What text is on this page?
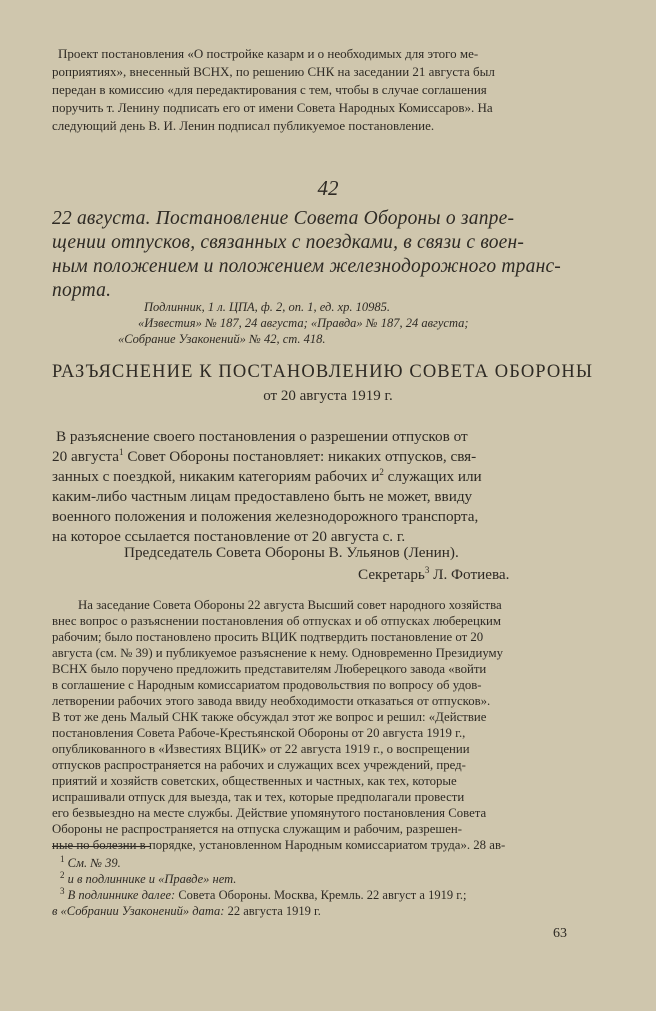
Проект постановления «О постройке казарм и о необходимых для этого ме-
роприятиях», внесенный ВСНХ, по решению СНК на заседании 21 августа был
передан в комиссию «для передактирования с тем, чтобы в случае соглашения
поручить т. Ленину подписать его от имени Совета Народных Комиссаров». На
следующий день В. И. Ленин подписал публикуемое постановление.
42
22 августа. Постановление Совета Обороны о запре-
щении отпусков, связанных с поездками, в связи с воен-
ным положением и положением железнодорожного транс-
порта.
Подлинник, 1 л. ЦПА, ф. 2, оп. 1, ед. хр. 10985.
«Известия» № 187, 24 августа; «Правда» № 187, 24 августа;
«Собрание Узаконений» № 42, ст. 418.
РАЗЪЯСНЕНИЕ К ПОСТАНОВЛЕНИЮ СОВЕТА ОБОРОНЫ
от 20 августа 1919 г.
В разъяснение своего постановления о разрешении отпусков от
20 августа$^1$ Совет Обороны постановляет: никаких отпусков, свя-
занных с поездкой, никаким категориям рабочих $и^2$ служащих или
каким-либо частным лицам предоставлено быть не может, ввиду
военного положения и положения железнодорожного транспорта,
на которое ссылается постановление от 20 августа с. г.
Председатель Совета Обороны В. Ульянов (Ленин).
Секретарь$^3$ Л. Фотиева.
На заседание Совета Обороны 22 августа Высший совет народного хозяйства
внес вопрос о разъяснении постановления об отпусках и об отпусках люберецким
рабочим; было постановлено просить ВЦИК подтвердить постановление от 20
августа (см. № 39) и публикуемое разъяснение к нему. Одновременно Президиуму
ВСНХ было поручено предложить представителям Люберецкого завода «войти
в соглашение с Народным комиссариатом продовольствия по вопросу об удов-
летворении рабочих этого завода ввиду необходимости отказаться от отпусков».
В тот же день Малый СНК также обсуждал этот же вопрос и решил: «Действие
постановления Совета Рабоче-Крестьянской Обороны от 20 августа 1919 г.,
опубликованного в «Известиях ВЦИК» от 22 августа 1919 г., о воспрещении
отпусков распространяется на рабочих и служащих всех учреждений, пред-
приятий и хозяйств советских, общественных и частных, как тех, которые
испрашивали отпуск для выезда, так и тех, которые предполагали провести
его безвыездно на месте службы. Действие упомянутого постановления Совета
Обороны не распространяется на отпуска служащим и рабочим, разрешен-
ные по болезни в порядке, установленном Народным комиссариатом труда». 28 ав-
$^1$ См. № 39.
$^2$ и в подлиннике и «Правде» нет.
$^3$ В подлиннике далее: Совета Обороны. Москва, Кремль. 22 август а 1919 г.;
в «Собрании Узаконений» дата: 22 августа 1919 г.
63
